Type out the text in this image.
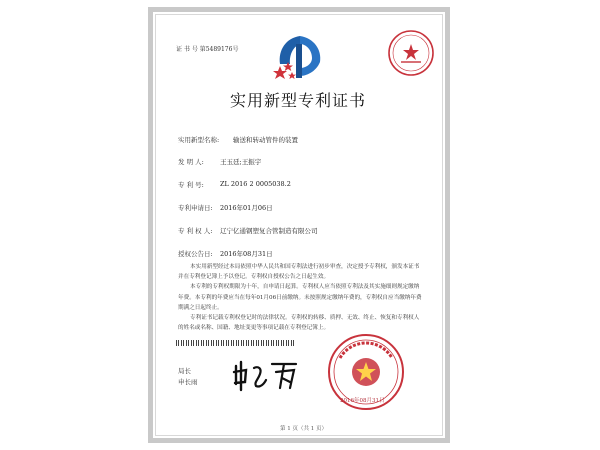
证 书 号 第5489176号
实用新型专利证书
实用新型名称: 输送和转动管件的装置
发 明 人: 王玉廷;王振宇
专 利 号: ZL 2016 2 0005038.2
专利申请日: 2016年01月06日
专 利 权 人: 辽宁亿通钢塑复合管制造有限公司
授权公告日: 2016年08月31日

本实用新型经过本局依照中华人民共和国专利法进行初步审查，决定授予专利权，颁发本证书并在专利登记簿上予以登记。专利权自授权公告之日起生效。

本专利的专利权期限为十年，自申请日起算。专利权人应当依照专利法及其实施细则规定缴纳年费。本专利的年费应当在每年01月06日前缴纳。未按照规定缴纳年费的，专利权自应当缴纳年费期满之日起终止。

专利证书记载专利权登记时的法律状况。专利权的转移、质押、无效、终止、恢复和专利权人的姓名或名称、国籍、地址变更等事项记载在专利登记簿上。

局长
申长雨
2016年08月31日
第 1 页（共 1 页）
